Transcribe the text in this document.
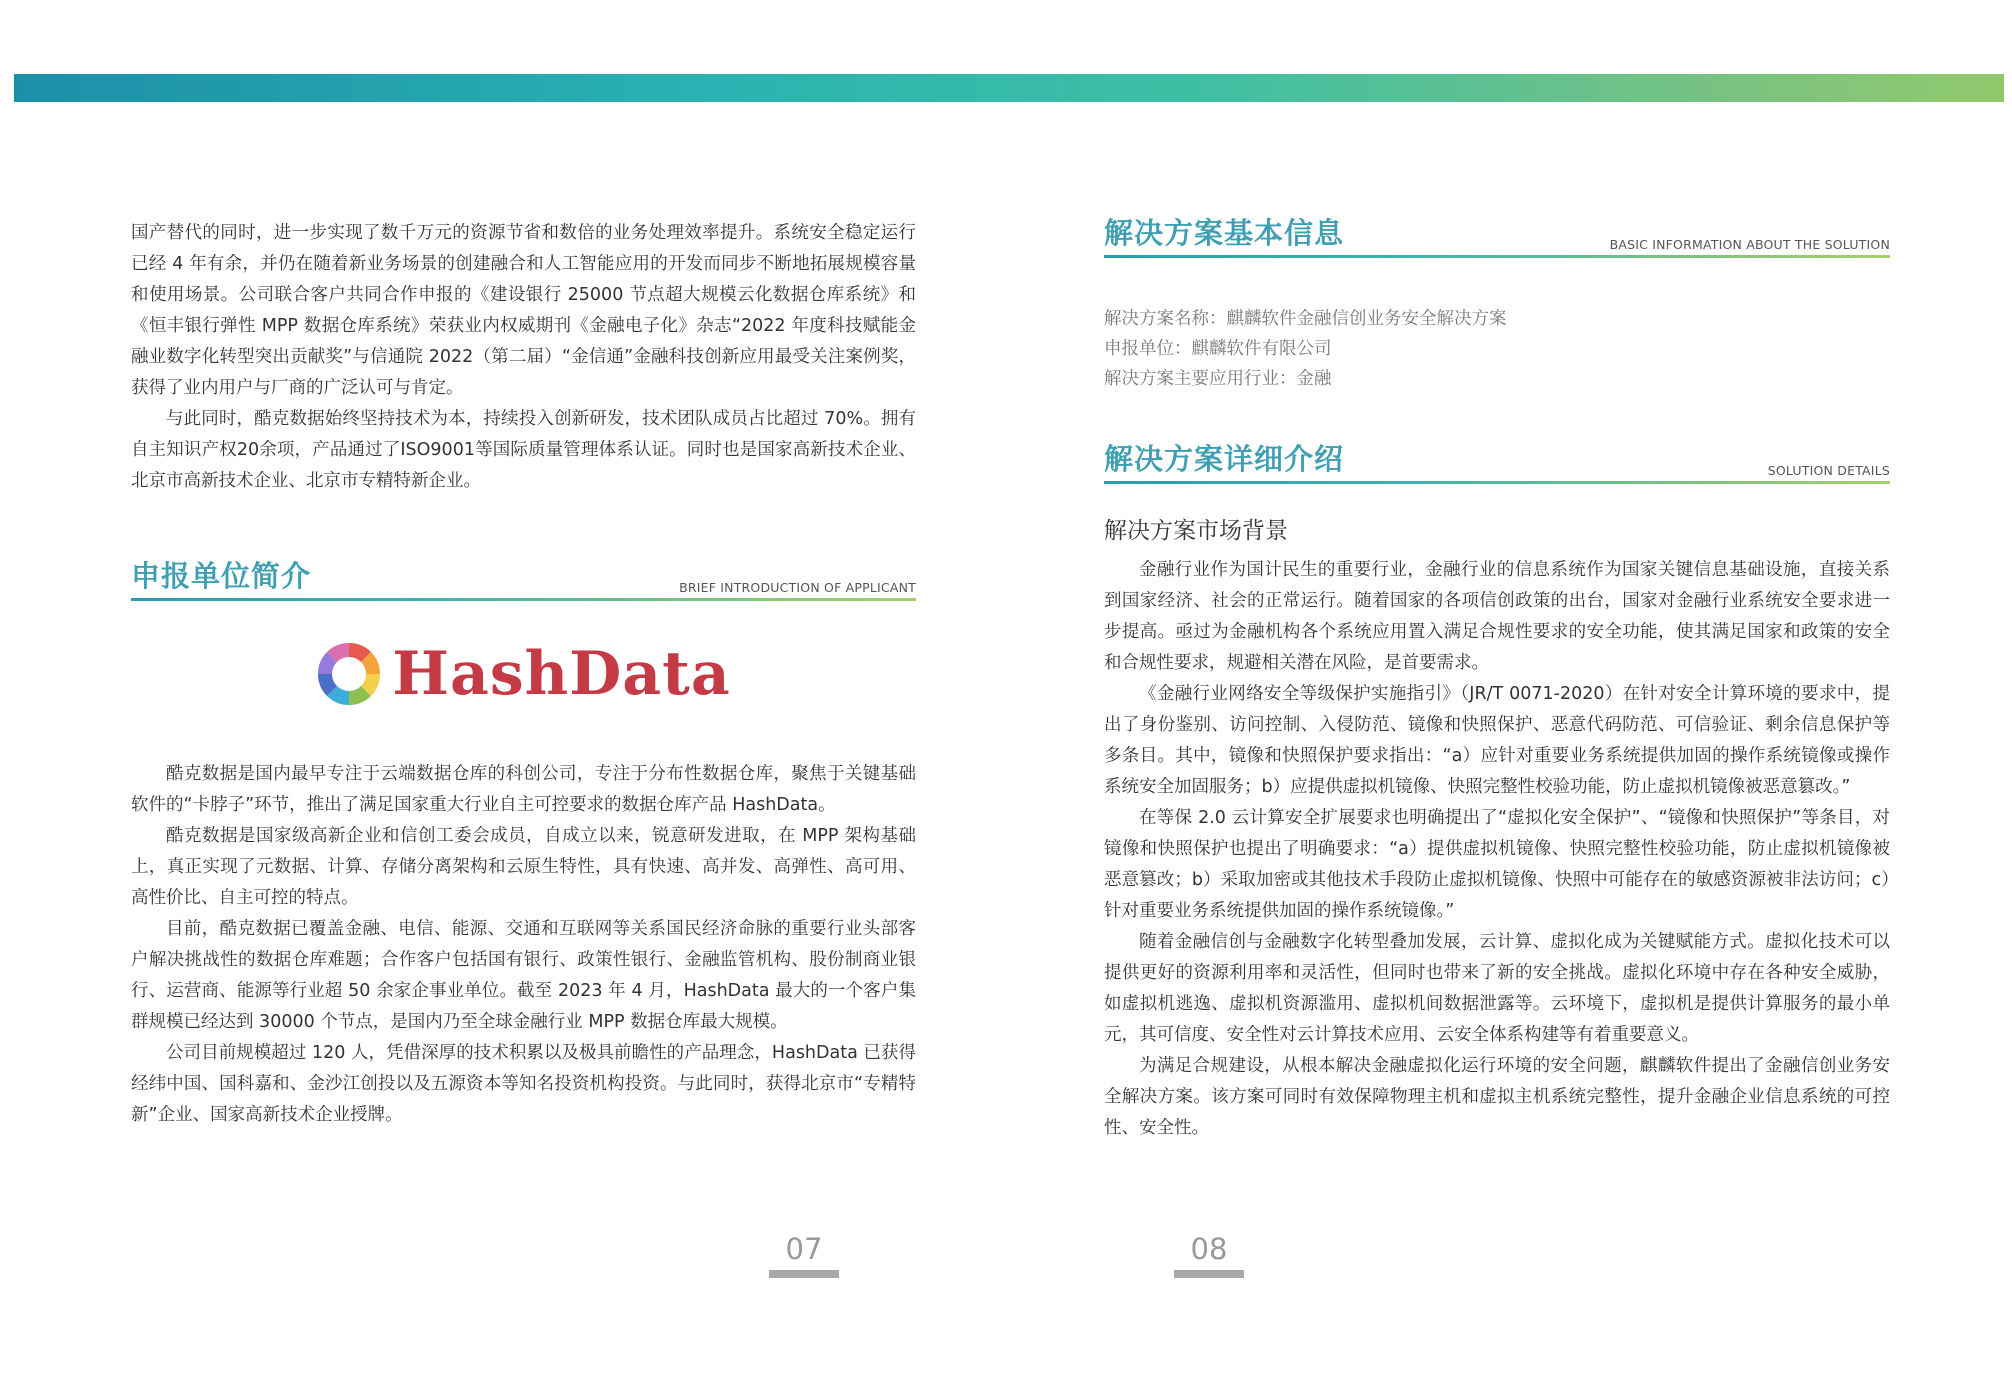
国产替代的同时，进一步实现了数千万元的资源节省和数倍的业务处理效率提升。系统安全稳定运行已经 4 年有余，并仍在随着新业务场景的创建融合和人工智能应用的开发而同步不断地拓展规模容量和使用场景。公司联合客户共同合作申报的《建设银行 25000 节点超大规模云化数据仓库系统》和《恒丰银行弹性 MPP 数据仓库系统》荣获业内权威期刊《金融电子化》杂志“2022 年度科技赋能金融业数字化转型突出贡献奖”与信通院 2022（第二届）“金信通”金融科技创新应用最受关注案例奖，获得了业内用户与厂商的广泛认可与肯定。

与此同时，酷克数据始终坚持技术为本，持续投入创新研发，技术团队成员占比超过 70%。拥有自主知识产权20余项，产品通过了ISO9001等国际质量管理体系认证。同时也是国家高新技术企业、北京市高新技术企业、北京市专精特新企业。

申报单位简介	BRIEF INTRODUCTION OF APPLICANT
HashData

酷克数据是国内最早专注于云端数据仓库的科创公司，专注于分布性数据仓库，聚焦于关键基础软件的“卡脖子”环节，推出了满足国家重大行业自主可控要求的数据仓库产品 HashData。

酷克数据是国家级高新企业和信创工委会成员，自成立以来，锐意研发进取，在 MPP 架构基础上，真正实现了元数据、计算、存储分离架构和云原生特性，具有快速、高并发、高弹性、高可用、高性价比、自主可控的特点。

目前，酷克数据已覆盖金融、电信、能源、交通和互联网等关系国民经济命脉的重要行业头部客户解决挑战性的数据仓库难题；合作客户包括国有银行、政策性银行、金融监管机构、股份制商业银行、运营商、能源等行业超 50 余家企事业单位。截至 2023 年 4 月，HashData 最大的一个客户集群规模已经达到 30000 个节点，是国内乃至全球金融行业 MPP 数据仓库最大规模。

公司目前规模超过 120 人，凭借深厚的技术积累以及极具前瞻性的产品理念，HashData 已获得经纬中国、国科嘉和、金沙江创投以及五源资本等知名投资机构投资。与此同时，获得北京市“专精特新”企业、国家高新技术企业授牌。

07
解决方案基本信息	BASIC INFORMATION ABOUT THE SOLUTION
解决方案名称：麒麟软件金融信创业务安全解决方案
申报单位：麒麟软件有限公司
解决方案主要应用行业：金融
解决方案详细介绍	SOLUTION DETAILS
解决方案市场背景

金融行业作为国计民生的重要行业，金融行业的信息系统作为国家关键信息基础设施，直接关系到国家经济、社会的正常运行。随着国家的各项信创政策的出台，国家对金融行业系统安全要求进一步提高。亟过为金融机构各个系统应用置入满足合规性要求的安全功能，使其满足国家和政策的安全和合规性要求，规避相关潜在风险，是首要需求。

《金融行业网络安全等级保护实施指引》（JR/T 0071-2020）在针对安全计算环境的要求中，提出了身份鉴别、访问控制、入侵防范、镜像和快照保护、恶意代码防范、可信验证、剩余信息保护等多条目。其中，镜像和快照保护要求指出：“a）应针对重要业务系统提供加固的操作系统镜像或操作系统安全加固服务；b）应提供虚拟机镜像、快照完整性校验功能，防止虚拟机镜像被恶意篡改。”

在等保 2.0 云计算安全扩展要求也明确提出了“虚拟化安全保护”、“镜像和快照保护”等条目，对镜像和快照保护也提出了明确要求：“a）提供虚拟机镜像、快照完整性校验功能，防止虚拟机镜像被恶意篡改；b）采取加密或其他技术手段防止虚拟机镜像、快照中可能存在的敏感资源被非法访问；c）针对重要业务系统提供加固的操作系统镜像。”

随着金融信创与金融数字化转型叠加发展，云计算、虚拟化成为关键赋能方式。虚拟化技术可以提供更好的资源利用率和灵活性，但同时也带来了新的安全挑战。虚拟化环境中存在各种安全威胁，如虚拟机逃逸、虚拟机资源滥用、虚拟机间数据泄露等。云环境下，虚拟机是提供计算服务的最小单元，其可信度、安全性对云计算技术应用、云安全体系构建等有着重要意义。

为满足合规建设，从根本解决金融虚拟化运行环境的安全问题，麒麟软件提出了金融信创业务安全解决方案。该方案可同时有效保障物理主机和虚拟主机系统完整性，提升金融企业信息系统的可控性、安全性。

08
